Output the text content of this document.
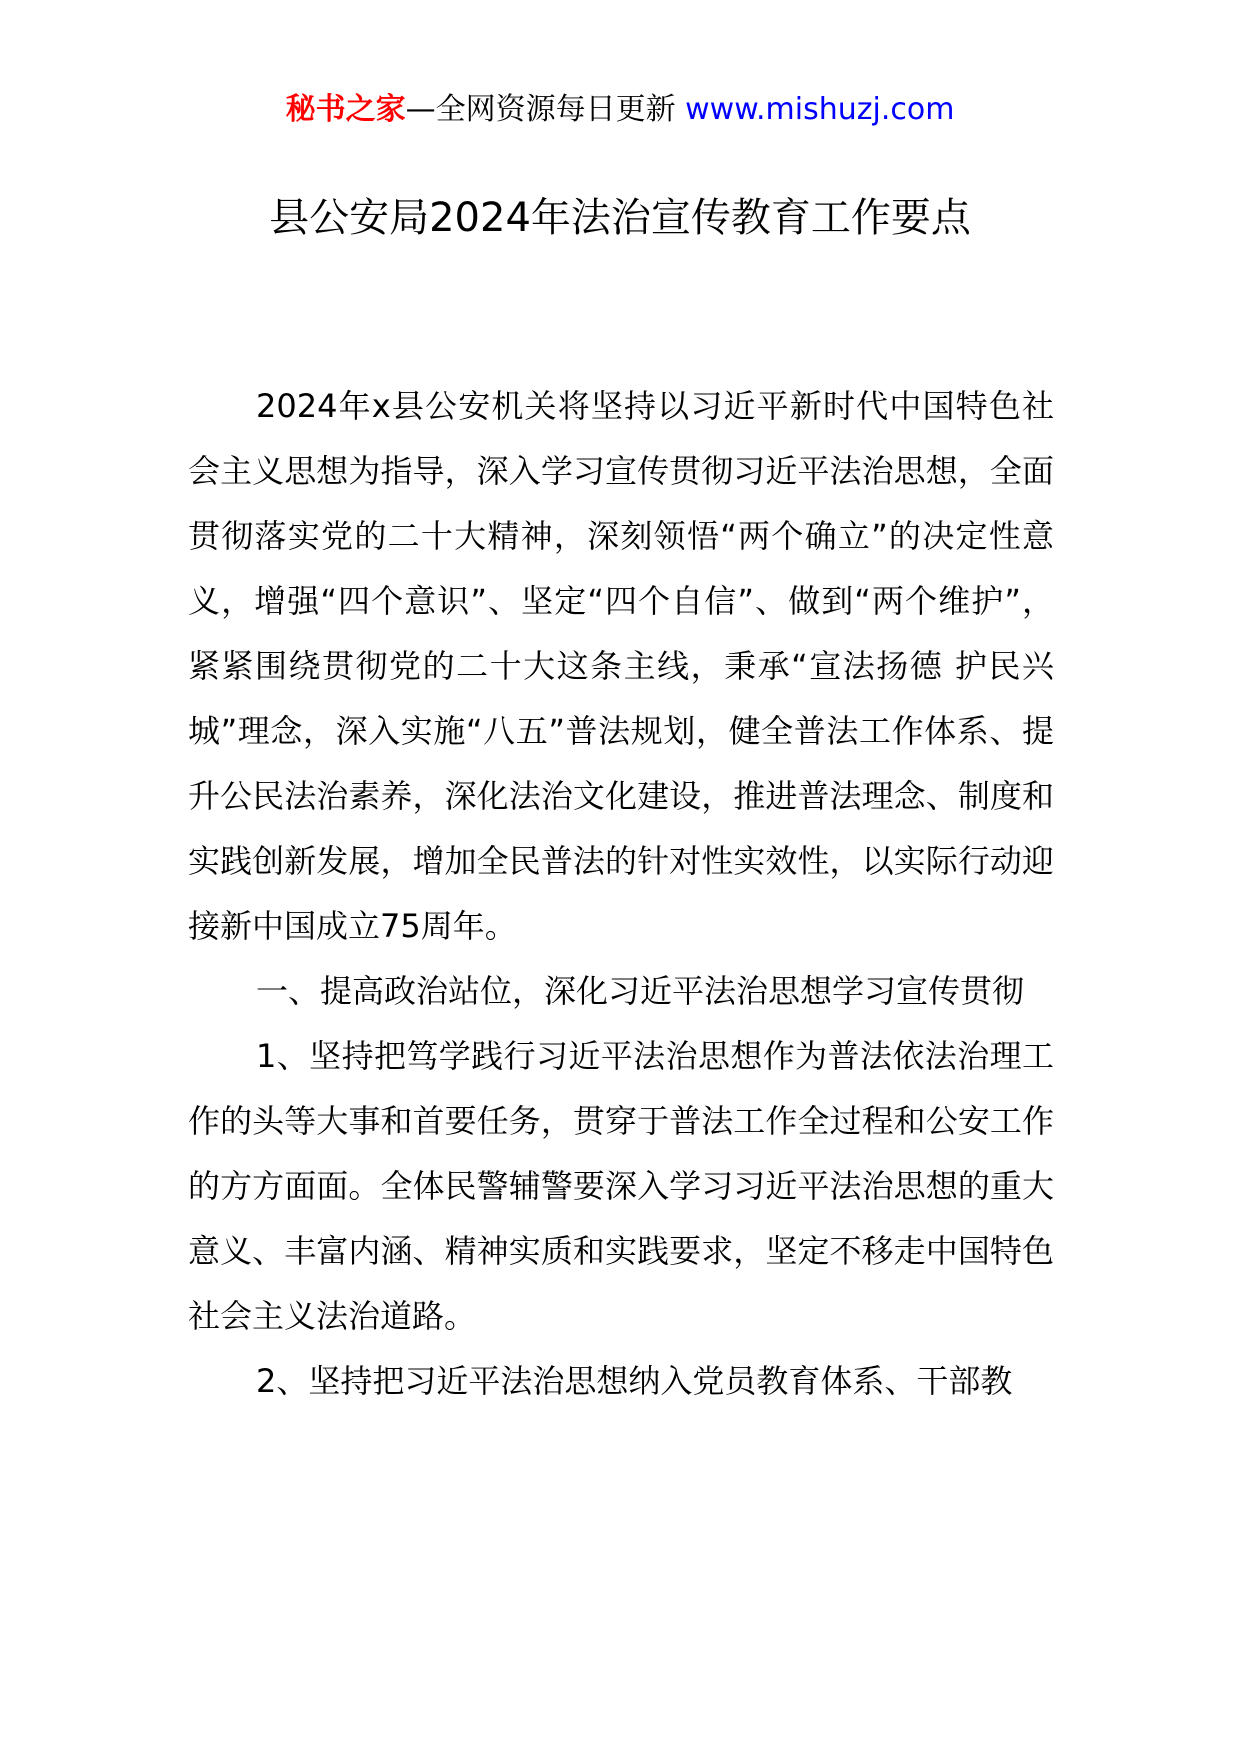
秘书之家—全网资源每日更新 www.mishuzj.com
县公安局2024年法治宣传教育工作要点

2024年x县公安机关将坚持以习近平新时代中国特色社会主义思想为指导，深入学习宣传贯彻习近平法治思想，全面贯彻落实党的二十大精神，深刻领悟“两个确立”的决定性意义，增强“四个意识”、坚定“四个自信”、做到“两个维护”，紧紧围绕贯彻党的二十大这条主线，秉承“宣法扬德 护民兴城”理念，深入实施“八五”普法规划，健全普法工作体系、提升公民法治素养，深化法治文化建设，推进普法理念、制度和实践创新发展，增加全民普法的针对性实效性，以实际行动迎接新中国成立75周年。

一、提高政治站位，深化习近平法治思想学习宣传贯彻

1、坚持把笃学践行习近平法治思想作为普法依法治理工作的头等大事和首要任务，贯穿于普法工作全过程和公安工作的方方面面。全体民警辅警要深入学习习近平法治思想的重大意义、丰富内涵、精神实质和实践要求，坚定不移走中国特色社会主义法治道路。

2、坚持把习近平法治思想纳入党员教育体系、干部教
